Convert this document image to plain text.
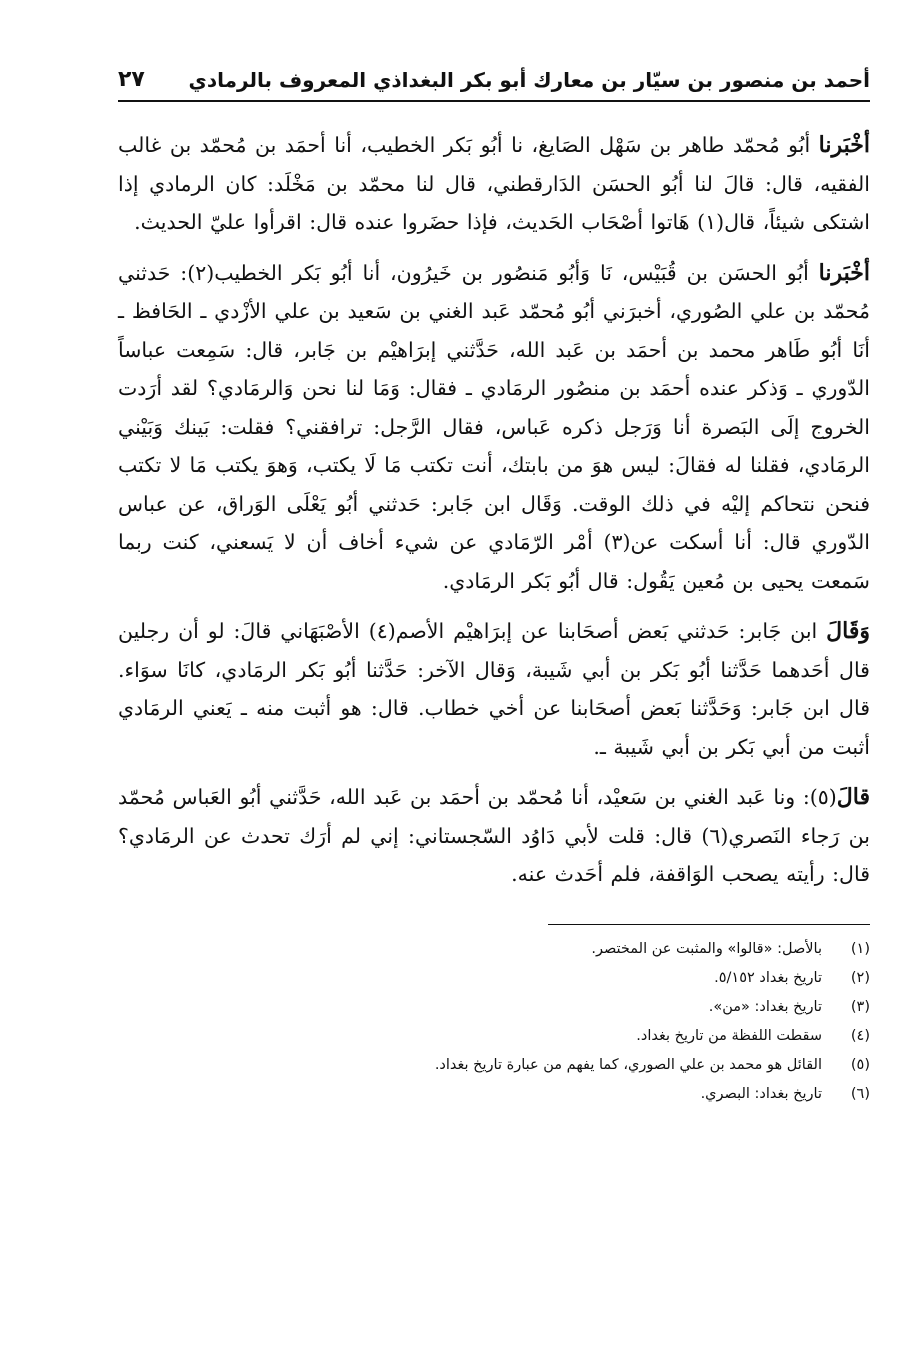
أحمد بن منصور بن سيّار بن معارك أبو بكر البغداذي المعروف بالرمادي
٢٧

أخْبَرنا أبُو مُحمّد طاهر بن سَهْل الصَايغ، نا أبُو بَكر الخطيب، أنا أحمَد بن مُحمّد بن غالب الفقيه، قال: قالَ لنا أبُو الحسَن الدَارقطني، قال لنا محمّد بن مَخْلَد: كان الرمادي إذا اشتكى شيئاً، قال(١) هَاتوا أصْحَاب الحَديث، فإذا حضَروا عنده قال: اقرأوا عليّ الحديث.

أخْبَرنا أبُو الحسَن بن قُبَيْس، نَا وَأبُو مَنصُور بن خَيرُون، أنا أبُو بَكر الخطيب(٢): حَدثني مُحمّد بن علي الصُوري، أخبرَني أبُو مُحمّد عَبد الغني بن سَعيد بن علي الأزْدي ـ الحَافظ ـ أنَا أبُو طَاهر محمد بن أحمَد بن عَبد الله، حَدَّثني إبرَاهيْم بن جَابر، قال: سَمِعت عباساً الدّوري ـ وَذكر عنده أحمَد بن منصُور الرمَادي ـ فقال: وَمَا لنا نحن وَالرمَادي؟ لقد أرَدت الخروج إلَى البَصرة أنا وَرَجل ذكره عَباس، فقال الرَّجل: ترافقني؟ فقلت: بَينك وَبَيْني الرمَادي، فقلنا له فقالَ: ليس هوَ من بابتك، أنت تكتب مَا لَا يكتب، وَهوَ يكتب مَا لا تكتب فنحن نتحاكم إليْه في ذلك الوقت. وَقَال ابن جَابر: حَدثني أبُو يَعْلَى الوَراق، عن عباس الدّوري قال: أنا أسكت عن(٣) أمْر الرّمَادي عن شيء أخاف أن لا يَسعني، كنت ربما سَمعت يحيى بن مُعين يَقُول: قال أبُو بَكر الرمَادي.

وَقَالَ ابن جَابر: حَدثني بَعض أصحَابنا عن إبرَاهيْم الأصم(٤) الأصْبَهَاني قالَ: لو أن رجلين قال أحَدهما حَدَّثنا أبُو بَكر بن أبي شَيبة، وَقال الآخر: حَدَّثنا أبُو بَكر الرمَادي، كانَا سوَاء. قال ابن جَابر: وَحَدَّثنا بَعض أصحَابنا عن أخي خطاب. قال: هو أثبت منه ـ يَعني الرمَادي أثبت من أبي بَكر بن أبي شَيبة ـ.

قالَ(٥): ونا عَبد الغني بن سَعيْد، أنا مُحمّد بن أحمَد بن عَبد الله، حَدَّثني أبُو العَباس مُحمّد بن رَجاء النَصري(٦) قال: قلت لأبي دَاوُد السّجستاني: إني لم أرَك تحدث عن الرمَادي؟ قال: رأيته يصحب الوَاقفة، فلم أحَدث عنه.

(١)
بالأصل: «قالوا» والمثبت عن المختصر.
(٢)
تاريخ بغداد ٥/١٥٢.
(٣)
تاريخ بغداد: «من».
(٤)
سقطت اللفظة من تاريخ بغداد.
(٥)
القائل هو محمد بن علي الصوري، كما يفهم من عبارة تاريخ بغداد.
(٦)
تاريخ بغداد: البصري.
